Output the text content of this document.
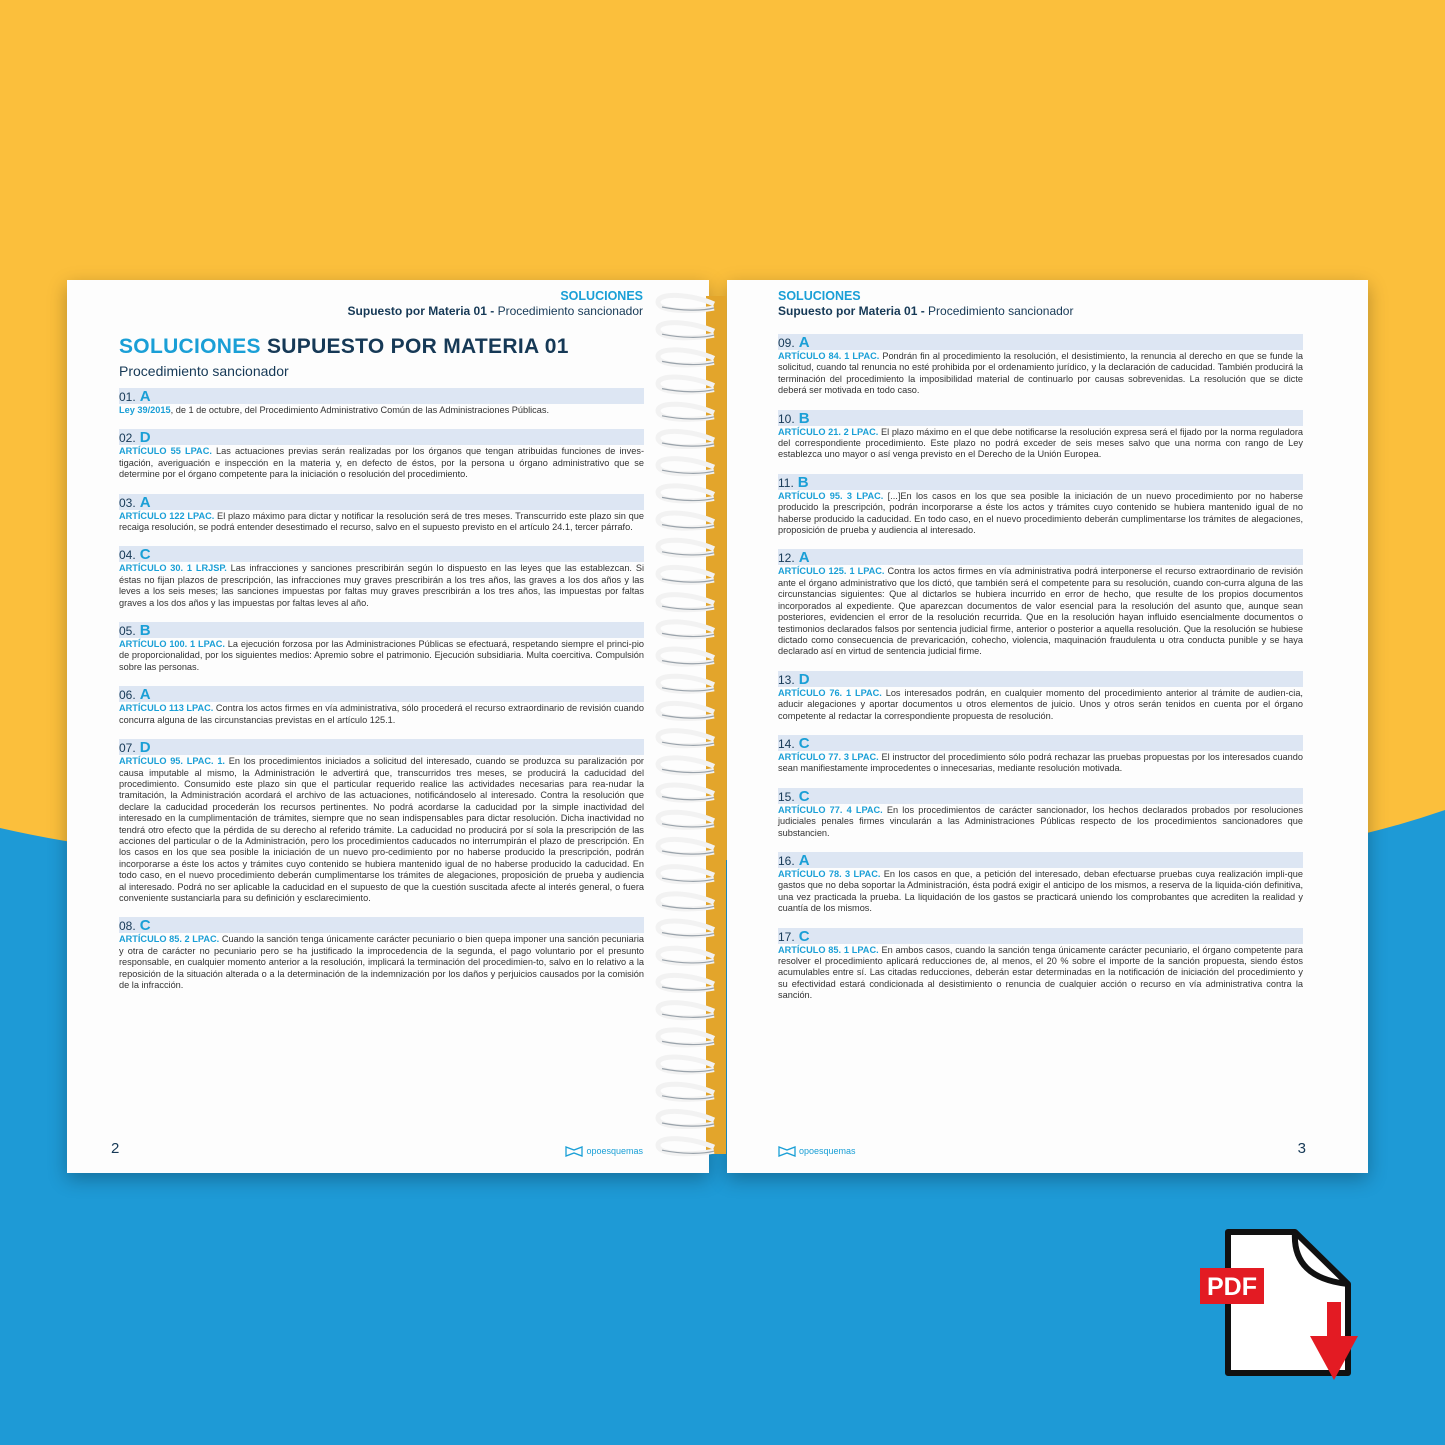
SOLUCIONES
Supuesto por Materia 01 - Procedimiento sancionador
SOLUCIONES SUPUESTO POR MATERIA 01
Procedimiento sancionador
01. A
Ley 39/2015, de 1 de octubre, del Procedimiento Administrativo Común de las Administraciones Públicas.
02. D
ARTÍCULO 55 LPAC. Las actuaciones previas serán realizadas por los órganos que tengan atribuidas funciones de inves-tigación, averiguación e inspección en la materia y, en defecto de éstos, por la persona u órgano administrativo que se determine por el órgano competente para la iniciación o resolución del procedimiento.
03. A
ARTÍCULO 122 LPAC. El plazo máximo para dictar y notificar la resolución será de tres meses. Transcurrido este plazo sin que recaiga resolución, se podrá entender desestimado el recurso, salvo en el supuesto previsto en el artículo 24.1, tercer párrafo.
04. C
ARTÍCULO 30. 1 LRJSP. Las infracciones y sanciones prescribirán según lo dispuesto en las leyes que las establezcan. Si éstas no fijan plazos de prescripción, las infracciones muy graves prescribirán a los tres años, las graves a los dos años y las leves a los seis meses; las sanciones impuestas por faltas muy graves prescribirán a los tres años, las impuestas por faltas graves a los dos años y las impuestas por faltas leves al año.
05. B
ARTÍCULO 100. 1 LPAC. La ejecución forzosa por las Administraciones Públicas se efectuará, respetando siempre el princi-pio de proporcionalidad, por los siguientes medios: Apremio sobre el patrimonio. Ejecución subsidiaria. Multa coercitiva. Compulsión sobre las personas.
06. A
ARTÍCULO 113 LPAC. Contra los actos firmes en vía administrativa, sólo procederá el recurso extraordinario de revisión cuando concurra alguna de las circunstancias previstas en el artículo 125.1.
07. D
ARTÍCULO 95. LPAC. 1. En los procedimientos iniciados a solicitud del interesado, cuando se produzca su paralización por causa imputable al mismo, la Administración le advertirá que, transcurridos tres meses, se producirá la caducidad del procedimiento. Consumido este plazo sin que el particular requerido realice las actividades necesarias para rea-nudar la tramitación, la Administración acordará el archivo de las actuaciones, notificándoselo al interesado. Contra la resolución que declare la caducidad procederán los recursos pertinentes. No podrá acordarse la caducidad por la simple inactividad del interesado en la cumplimentación de trámites, siempre que no sean indispensables para dictar resolución. Dicha inactividad no tendrá otro efecto que la pérdida de su derecho al referido trámite. La caducidad no producirá por sí sola la prescripción de las acciones del particular o de la Administración, pero los procedimientos caducados no interrumpirán el plazo de prescripción. En los casos en los que sea posible la iniciación de un nuevo pro-cedimiento por no haberse producido la prescripción, podrán incorporarse a éste los actos y trámites cuyo contenido se hubiera mantenido igual de no haberse producido la caducidad. En todo caso, en el nuevo procedimiento deberán cumplimentarse los trámites de alegaciones, proposición de prueba y audiencia al interesado. Podrá no ser aplicable la caducidad en el supuesto de que la cuestión suscitada afecte al interés general, o fuera conveniente sustanciarla para su definición y esclarecimiento.
08. C
ARTÍCULO 85. 2 LPAC. Cuando la sanción tenga únicamente carácter pecuniario o bien quepa imponer una sanción pecuniaria y otra de carácter no pecuniario pero se ha justificado la improcedencia de la segunda, el pago voluntario por el presunto responsable, en cualquier momento anterior a la resolución, implicará la terminación del procedimien-to, salvo en lo relativo a la reposición de la situación alterada o a la determinación de la indemnización por los daños y perjuicios causados por la comisión de la infracción.
2	opoesquemas
SOLUCIONES
Supuesto por Materia 01 - Procedimiento sancionador
09. A
ARTÍCULO 84. 1 LPAC. Pondrán fin al procedimiento la resolución, el desistimiento, la renuncia al derecho en que se funde la solicitud, cuando tal renuncia no esté prohibida por el ordenamiento jurídico, y la declaración de caducidad. También producirá la terminación del procedimiento la imposibilidad material de continuarlo por causas sobrevenidas. La resolución que se dicte deberá ser motivada en todo caso.
10. B
ARTÍCULO 21. 2 LPAC. El plazo máximo en el que debe notificarse la resolución expresa será el fijado por la norma reguladora del correspondiente procedimiento. Este plazo no podrá exceder de seis meses salvo que una norma con rango de Ley establezca uno mayor o así venga previsto en el Derecho de la Unión Europea.
11. B
ARTÍCULO 95. 3 LPAC. [...]En los casos en los que sea posible la iniciación de un nuevo procedimiento por no haberse producido la prescripción, podrán incorporarse a éste los actos y trámites cuyo contenido se hubiera mantenido igual de no haberse producido la caducidad. En todo caso, en el nuevo procedimiento deberán cumplimentarse los trámites de alegaciones, proposición de prueba y audiencia al interesado.
12. A
ARTÍCULO 125. 1 LPAC. Contra los actos firmes en vía administrativa podrá interponerse el recurso extraordinario de revisión ante el órgano administrativo que los dictó, que también será el competente para su resolución, cuando con-curra alguna de las circunstancias siguientes: Que al dictarlos se hubiera incurrido en error de hecho, que resulte de los propios documentos incorporados al expediente. Que aparezcan documentos de valor esencial para la resolución del asunto que, aunque sean posteriores, evidencien el error de la resolución recurrida. Que en la resolución hayan influido esencialmente documentos o testimonios declarados falsos por sentencia judicial firme, anterior o posterior a aquella resolución. Que la resolución se hubiese dictado como consecuencia de prevaricación, cohecho, violencia, maquinación fraudulenta u otra conducta punible y se haya declarado así en virtud de sentencia judicial firme.
13. D
ARTÍCULO 76. 1 LPAC. Los interesados podrán, en cualquier momento del procedimiento anterior al trámite de audien-cia, aducir alegaciones y aportar documentos u otros elementos de juicio. Unos y otros serán tenidos en cuenta por el órgano competente al redactar la correspondiente propuesta de resolución.
14. C
ARTÍCULO 77. 3 LPAC. El instructor del procedimiento sólo podrá rechazar las pruebas propuestas por los interesados cuando sean manifiestamente improcedentes o innecesarias, mediante resolución motivada.
15. C
ARTÍCULO 77. 4 LPAC. En los procedimientos de carácter sancionador, los hechos declarados probados por resoluciones judiciales penales firmes vincularán a las Administraciones Públicas respecto de los procedimientos sancionadores que substancien.
16. A
ARTÍCULO 78. 3 LPAC. En los casos en que, a petición del interesado, deban efectuarse pruebas cuya realización impli-que gastos que no deba soportar la Administración, ésta podrá exigir el anticipo de los mismos, a reserva de la liquida-ción definitiva, una vez practicada la prueba. La liquidación de los gastos se practicará uniendo los comprobantes que acrediten la realidad y cuantía de los mismos.
17. C
ARTÍCULO 85. 1 LPAC. En ambos casos, cuando la sanción tenga únicamente carácter pecuniario, el órgano competente para resolver el procedimiento aplicará reducciones de, al menos, el 20 % sobre el importe de la sanción propuesta, siendo éstos acumulables entre sí. Las citadas reducciones, deberán estar determinadas en la notificación de iniciación del procedimiento y su efectividad estará condicionada al desistimiento o renuncia de cualquier acción o recurso en vía administrativa contra la sanción.
3
opoesquemas
PDF
